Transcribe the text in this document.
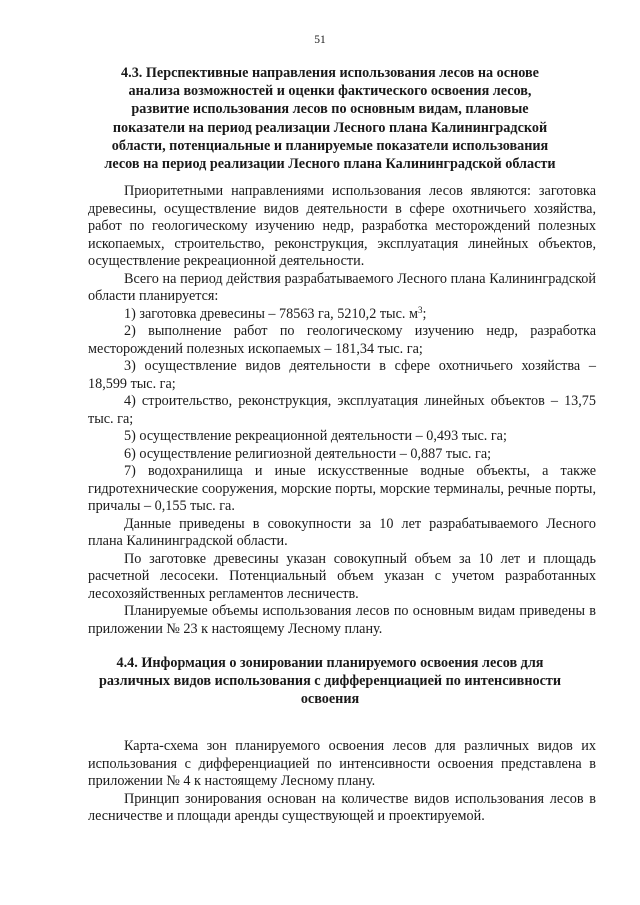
51
4.3. Перспективные направления использования лесов на основе анализа возможностей и оценки фактического освоения лесов, развитие использования лесов по основным видам, плановые показатели на период реализации Лесного плана Калининградской области, потенциальные и планируемые показатели использования лесов на период реализации Лесного плана Калининградской области

Приоритетными направлениями использования лесов являются: заготовка древесины, осуществление видов деятельности в сфере охотничьего хозяйства, работ по геологическому изучению недр, разработка месторождений полезных ископаемых, строительство, реконструкция, эксплуатация линейных объектов, осуществление рекреационной деятельности.

Всего на период действия разрабатываемого Лесного плана Калининградской области планируется:

1) заготовка древесины – 78563 га, 5210,2 тыс. $м^3$;

2) выполнение работ по геологическому изучению недр, разработка месторождений полезных ископаемых – 181,34 тыс. га;

3) осуществление видов деятельности в сфере охотничьего хозяйства – 18,599 тыс. га;

4) строительство, реконструкция, эксплуатация линейных объектов – 13,75 тыс. га;

5) осуществление рекреационной деятельности – 0,493 тыс. га;

6) осуществление религиозной деятельности – 0,887 тыс. га;

7) водохранилища и иные искусственные водные объекты, а также гидротехнические сооружения, морские порты, морские терминалы, речные порты, причалы – 0,155 тыс. га.

Данные приведены в совокупности за 10 лет разрабатываемого Лесного плана Калининградской области.

По заготовке древесины указан совокупный объем за 10 лет и площадь расчетной лесосеки. Потенциальный объем указан с учетом разработанных лесохозяйственных регламентов лесничеств.

Планируемые объемы использования лесов по основным видам приведены в приложении № 23 к настоящему Лесному плану.

4.4. Информация о зонировании планируемого освоения лесов для различных видов использования с дифференциацией по интенсивности освоения

Карта-схема зон планируемого освоения лесов для различных видов их использования с дифференциацией по интенсивности освоения представлена в приложении № 4 к настоящему Лесному плану.

Принцип зонирования основан на количестве видов использования лесов в лесничестве и площади аренды существующей и проектируемой.
